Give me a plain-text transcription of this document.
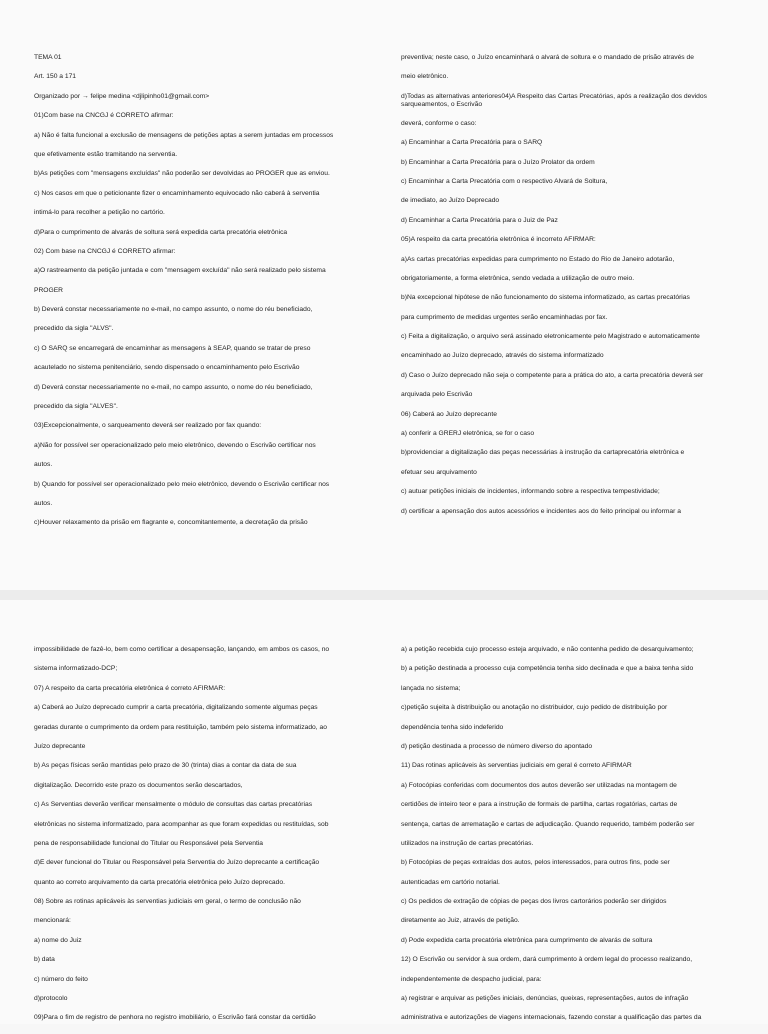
TEMA 01

Art. 150 a 171

Organizado por → felipe medina <djlipinho01@gmail.com>

01)Com base na CNCGJ é CORRETO afirmar:

a) Não é falta funcional a exclusão de mensagens de petições aptas a serem juntadas em processos

que efetivamente estão tramitando na serventia.

b)As petições com "mensagens excluídas" não poderão ser devolvidas ao PROGER que as enviou.

c) Nos casos em que o peticionante fizer o encaminhamento equivocado não caberá à serventia

intimá-lo para recolher a petição no cartório.

d)Para o cumprimento de alvarás de soltura será expedida carta precatória eletrônica

02) Com base na CNCGJ é CORRETO afirmar:

a)O rastreamento da petição juntada e com "mensagem excluída" não será realizado pelo sistema

PROGER

b) Deverá constar necessariamente no e-mail, no campo assunto, o nome do réu beneficiado,

precedido da sigla "ALVS".

c) O SARQ se encarregará de encaminhar as mensagens à SEAP, quando se tratar de preso

acautelado no sistema penitenciário, sendo dispensado o encaminhamento pelo Escrivão

d) Deverá constar necessariamente no e-mail, no campo assunto, o nome do réu beneficiado,

precedido da sigla "ALVES".

03)Excepcionalmente, o sarqueamento deverá ser realizado por fax quando:

a)Não for possível ser operacionalizado pelo meio eletrônico, devendo o Escrivão certificar nos

autos.

b) Quando for possível ser operacionalizado pelo meio eletrônico, devendo o Escrivão certificar nos

autos.

c)Houver relaxamento da prisão em flagrante e, concomitantemente, a decretação da prisão

preventiva; neste caso, o Juízo encaminhará o alvará de soltura e o mandado de prisão através de

meio eletrônico.

d)Todas as alternativas anteriores04)A Respeito das Cartas Precatórias, após a realização dos devidos sarqueamentos, o Escrivão

deverá, conforme o caso:

a) Encaminhar a Carta Precatória para o SARQ

b) Encaminhar a Carta Precatória para o Juízo Prolator da ordem

c) Encaminhar a Carta Precatória com o respectivo Alvará de Soltura,

de imediato, ao Juízo Deprecado

d) Encaminhar a Carta Precatória para o Juiz de Paz

05)A respeito da carta precatória eletrônica é incorreto AFIRMAR:

a)As cartas precatórias expedidas para cumprimento no Estado do Rio de Janeiro adotarão,

obrigatoriamente, a forma eletrônica, sendo vedada a utilização de outro meio.

b)Na excepcional hipótese de não funcionamento do sistema informatizado, as cartas precatórias

para cumprimento de medidas urgentes serão encaminhadas por fax.

c) Feita a digitalização, o arquivo será assinado eletronicamente pelo Magistrado e automaticamente

encaminhado ao Juízo deprecado, através do sistema informatizado

d) Caso o Juízo deprecado não seja o competente para a prática do ato, a carta precatória deverá ser

arquivada pelo Escrivão

06) Caberá ao Juízo deprecante

a) conferir a GRERJ eletrônica, se for o caso

b)providenciar a digitalização das peças necessárias à instrução da cartaprecatória eletrônica e

efetuar seu arquivamento

c) autuar petições iniciais de incidentes, informando sobre a respectiva tempestividade;

d) certificar a apensação dos autos acessórios e incidentes aos do feito principal ou informar a

impossibilidade de fazê-lo, bem como certificar a desapensação, lançando, em ambos os casos, no

sistema informatizado-DCP;

07) A respeito da carta precatória eletrônica é correto AFIRMAR:

a) Caberá ao Juízo deprecado cumprir a carta precatória, digitalizando somente algumas peças

geradas durante o cumprimento da ordem para restituição, também pelo sistema informatizado, ao

Juízo deprecante

b) As peças físicas serão mantidas pelo prazo de 30 (trinta) dias a contar da data de sua

digitalização. Decorrido este prazo os documentos serão descartados,

c) As Serventias deverão verificar mensalmente o módulo de consultas das cartas precatórias

eletrônicas no sistema informatizado, para acompanhar as que foram expedidas ou restituídas, sob

pena de responsabilidade funcional do Titular ou Responsável pela Serventia

d)É dever funcional do Titular ou Responsável pela Serventia do Juízo deprecante a certificação

quanto ao correto arquivamento da carta precatória eletrônica pelo Juízo deprecado.

08) Sobre as rotinas aplicáveis às serventias judiciais em geral, o termo de conclusão não

mencionará:

a) nome do Juiz

b) data

c) número do feito

d)protocolo

09)Para o fim de registro de penhora no registro imobiliário, o Escrivão fará constar da certidão

a) a petição recebida cujo processo esteja arquivado, e não contenha pedido de desarquivamento;

b) a petição destinada a processo cuja competência tenha sido declinada e que a baixa tenha sido

lançada no sistema;

c)petição sujeita à distribuição ou anotação no distribuidor, cujo pedido de distribuição por

dependência tenha sido indeferido

d) petição destinada a processo de número diverso do apontado

11) Das rotinas aplicáveis às serventias judiciais em geral é correto AFIRMAR

a) Fotocópias conferidas com documentos dos autos deverão ser utilizadas na montagem de

certidões de inteiro teor e para a instrução de formais de partilha, cartas rogatórias, cartas de

sentença, cartas de arrematação e cartas de adjudicação. Quando requerido, também poderão ser

utilizados na instrução de cartas precatórias.

b) Fotocópias de peças extraídas dos autos, pelos interessados, para outros fins, pode ser

autenticadas em cartório notarial.

c) Os pedidos de extração de cópias de peças dos livros cartorários poderão ser dirigidos

diretamente ao Juiz, através de petição.

d) Pode expedida carta precatória eletrônica para cumprimento de alvarás de soltura

12) O Escrivão ou servidor à sua ordem, dará cumprimento à ordem legal do processo realizando,

independentemente de despacho judicial, para:

a) registrar e arquivar as petições iniciais, denúncias, queixas, representações, autos de infração

administrativa e autorizações de viagens internacionais, fazendo constar a qualificação das partes da
